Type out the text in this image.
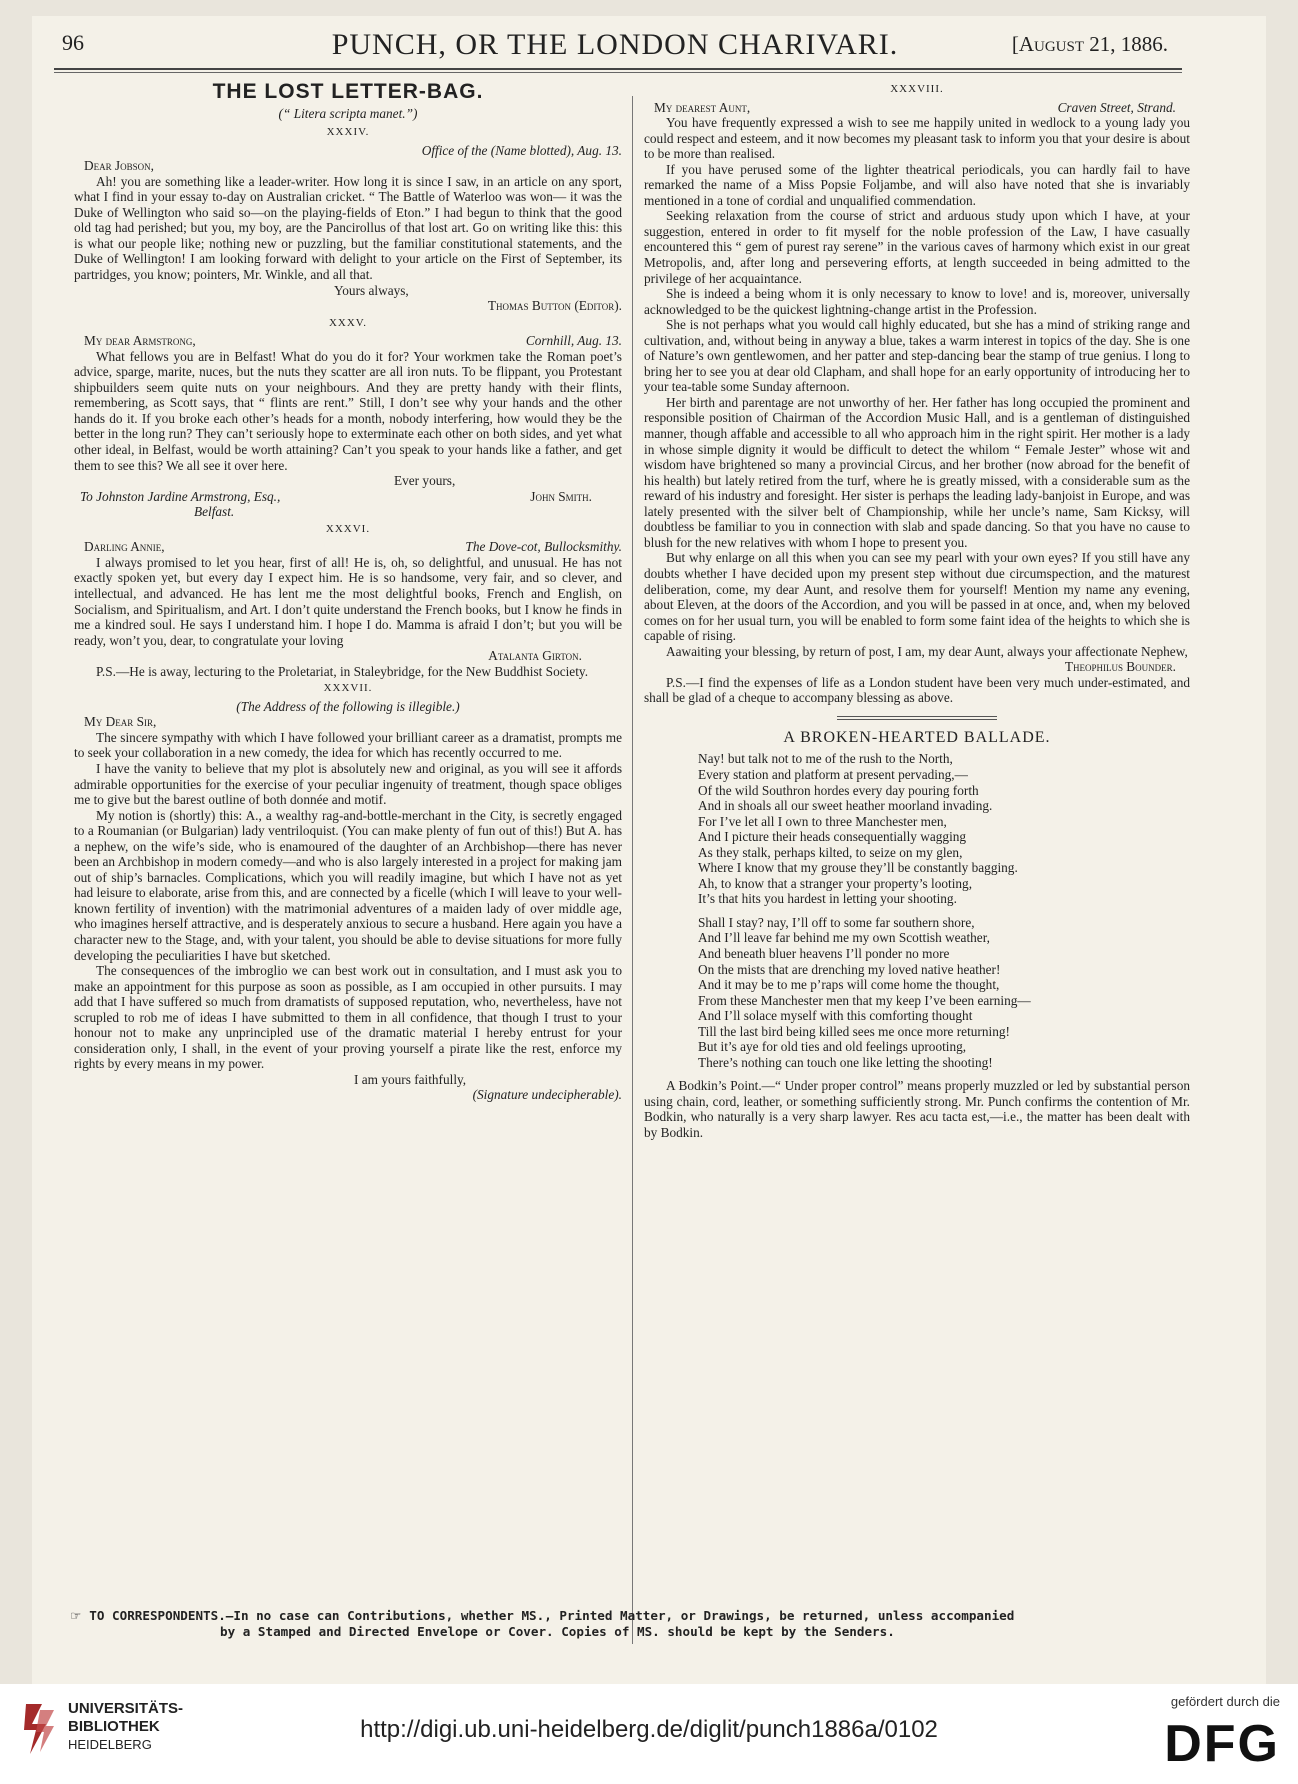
96	PUNCH, OR THE LONDON CHARIVARI.	[August 21, 1886.
THE LOST LETTER-BAG.
(“ Litera scripta manet.”)
XXXIV.

Office of the (Name blotted), Aug. 13.

Dear Jobson,

Ah! you are something like a leader-writer. How long it is since I saw, in an article on any sport, what I find in your essay to-day on Australian cricket. “ The Battle of Waterloo was won— it was the Duke of Wellington who said so—on the playing-fields of Eton.” I had begun to think that the good old tag had perished; but you, my boy, are the Pancirollus of that lost art. Go on writing like this: this is what our people like; nothing new or puzzling, but the familiar constitutional statements, and the Duke of Wellington! I am looking forward with delight to your article on the First of September, its partridges, you know; pointers, Mr. Winkle, and all that.

Yours always,

Thomas Button (Editor).

XXXV.
My dear Armstrong,	Cornhill, Aug. 13.

What fellows you are in Belfast! What do you do it for? Your workmen take the Roman poet’s advice, sparge, marite, nuces, but the nuts they scatter are all iron nuts. To be flippant, you Protestant shipbuilders seem quite nuts on your neighbours. And they are pretty handy with their flints, remembering, as Scott says, that “ flints are rent.” Still, I don’t see why your hands and the other hands do it. If you broke each other’s heads for a month, nobody interfering, how would they be the better in the long run? They can’t seriously hope to exterminate each other on both sides, and yet what other ideal, in Belfast, would be worth attaining? Can’t you speak to your hands like a father, and get them to see this? We all see it over here.

Ever yours,

To Johnston Jardine Armstrong, Esq.,	John Smith.

Belfast.

XXXVI.
Darling Annie,	The Dove-cot, Bullocksmithy.

I always promised to let you hear, first of all! He is, oh, so delightful, and unusual. He has not exactly spoken yet, but every day I expect him. He is so handsome, very fair, and so clever, and intellectual, and advanced. He has lent me the most delightful books, French and English, on Socialism, and Spiritualism, and Art. I don’t quite understand the French books, but I know he finds in me a kindred soul. He says I understand him. I hope I do. Mamma is afraid I don’t; but you will be ready, won’t you, dear, to congratulate your loving

Atalanta Girton.

P.S.—He is away, lecturing to the Proletariat, in Staleybridge, for the New Buddhist Society.

XXXVII.

(The Address of the following is illegible.)

My Dear Sir,

The sincere sympathy with which I have followed your brilliant career as a dramatist, prompts me to seek your collaboration in a new comedy, the idea for which has recently occurred to me.

I have the vanity to believe that my plot is absolutely new and original, as you will see it affords admirable opportunities for the exercise of your peculiar ingenuity of treatment, though space obliges me to give but the barest outline of both donnée and motif.

My notion is (shortly) this: A., a wealthy rag-and-bottle-merchant in the City, is secretly engaged to a Roumanian (or Bulgarian) lady ventriloquist. (You can make plenty of fun out of this!) But A. has a nephew, on the wife’s side, who is enamoured of the daughter of an Archbishop—there has never been an Archbishop in modern comedy—and who is also largely interested in a project for making jam out of ship’s barnacles. Complications, which you will readily imagine, but which I have not as yet had leisure to elaborate, arise from this, and are connected by a ficelle (which I will leave to your well-known fertility of invention) with the matrimonial adventures of a maiden lady of over middle age, who imagines herself attractive, and is desperately anxious to secure a husband. Here again you have a character new to the Stage, and, with your talent, you should be able to devise situations for more fully developing the peculiarities I have but sketched.

The consequences of the imbroglio we can best work out in consultation, and I must ask you to make an appointment for this purpose as soon as possible, as I am occupied in other pursuits. I may add that I have suffered so much from dramatists of supposed reputation, who, nevertheless, have not scrupled to rob me of ideas I have submitted to them in all confidence, that though I trust to your honour not to make any unprincipled use of the dramatic material I hereby entrust for your consideration only, I shall, in the event of your proving yourself a pirate like the rest, enforce my rights by every means in my power.

I am yours faithfully,

(Signature undecipherable).

XXXVIII.
My dearest Aunt,	Craven Street, Strand.

You have frequently expressed a wish to see me happily united in wedlock to a young lady you could respect and esteem, and it now becomes my pleasant task to inform you that your desire is about to be more than realised.

If you have perused some of the lighter theatrical periodicals, you can hardly fail to have remarked the name of a Miss Popsie Foljambe, and will also have noted that she is invariably mentioned in a tone of cordial and unqualified commendation.

Seeking relaxation from the course of strict and arduous study upon which I have, at your suggestion, entered in order to fit myself for the noble profession of the Law, I have casually encountered this “ gem of purest ray serene” in the various caves of harmony which exist in our great Metropolis, and, after long and persevering efforts, at length succeeded in being admitted to the privilege of her acquaintance.

She is indeed a being whom it is only necessary to know to love! and is, moreover, universally acknowledged to be the quickest lightning-change artist in the Profession.

She is not perhaps what you would call highly educated, but she has a mind of striking range and cultivation, and, without being in anyway a blue, takes a warm interest in topics of the day. She is one of Nature’s own gentlewomen, and her patter and step-dancing bear the stamp of true genius. I long to bring her to see you at dear old Clapham, and shall hope for an early opportunity of introducing her to your tea-table some Sunday afternoon.

Her birth and parentage are not unworthy of her. Her father has long occupied the prominent and responsible position of Chairman of the Accordion Music Hall, and is a gentleman of distinguished manner, though affable and accessible to all who approach him in the right spirit. Her mother is a lady in whose simple dignity it would be difficult to detect the whilom “ Female Jester” whose wit and wisdom have brightened so many a provincial Circus, and her brother (now abroad for the benefit of his health) but lately retired from the turf, where he is greatly missed, with a considerable sum as the reward of his industry and foresight. Her sister is perhaps the leading lady-banjoist in Europe, and was lately presented with the silver belt of Championship, while her uncle’s name, Sam Kicksy, will doubtless be familiar to you in connection with slab and spade dancing. So that you have no cause to blush for the new relatives with whom I hope to present you.

But why enlarge on all this when you can see my pearl with your own eyes? If you still have any doubts whether I have decided upon my present step without due circumspection, and the maturest deliberation, come, my dear Aunt, and resolve them for yourself! Mention my name any evening, about Eleven, at the doors of the Accordion, and you will be passed in at once, and, when my beloved comes on for her usual turn, you will be enabled to form some faint idea of the heights to which she is capable of rising.

Aawaiting your blessing, by return of post, I am, my dear Aunt, always your affectionate Nephew,

Theophilus Bounder.

P.S.—I find the expenses of life as a London student have been very much under-estimated, and shall be glad of a cheque to accompany blessing as above.

A BROKEN-HEARTED BALLADE.

Nay! but talk not to me of the rush to the North,

Every station and platform at present pervading,—

Of the wild Southron hordes every day pouring forth

And in shoals all our sweet heather moorland invading.

For I’ve let all I own to three Manchester men,

And I picture their heads consequentially wagging

As they stalk, perhaps kilted, to seize on my glen,

Where I know that my grouse they’ll be constantly bagging.

Ah, to know that a stranger your property’s looting,

It’s that hits you hardest in letting your shooting.

Shall I stay? nay, I’ll off to some far southern shore,

And I’ll leave far behind me my own Scottish weather,

And beneath bluer heavens I’ll ponder no more

On the mists that are drenching my loved native heather!

And it may be to me p’raps will come home the thought,

From these Manchester men that my keep I’ve been earning—

And I’ll solace myself with this comforting thought

Till the last bird being killed sees me once more returning!

But it’s aye for old ties and old feelings uprooting,

There’s nothing can touch one like letting the shooting!

A Bodkin’s Point.—“ Under proper control” means properly muzzled or led by substantial person using chain, cord, leather, or something sufficiently strong. Mr. Punch confirms the contention of Mr. Bodkin, who naturally is a very sharp lawyer. Res acu tacta est,—i.e., the matter has been dealt with by Bodkin.

☞ TO CORRESPONDENTS.—In no case can Contributions, whether MS., Printed Matter, or Drawings, be returned, unless accompanied
by a Stamped and Directed Envelope or Cover. Copies of MS. should be kept by the Senders.
UNIVERSITÄTS-
BIBLIOTHEK
HEIDELBERG
http://digi.ub.uni-heidelberg.de/diglit/punch1886a/0102
gefördert durch die
DFG
